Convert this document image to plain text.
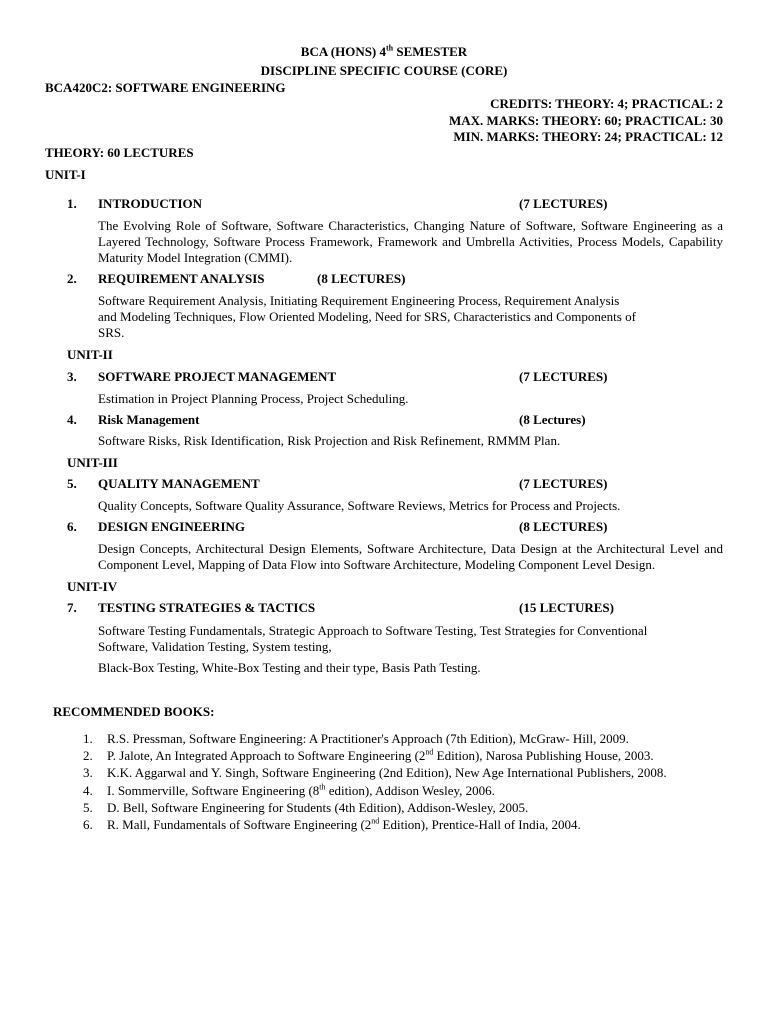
BCA (HONS) 4th SEMESTER
DISCIPLINE SPECIFIC COURSE (CORE)
BCA420C2: SOFTWARE ENGINEERING
CREDITS: THEORY: 4; PRACTICAL: 2
MAX. MARKS: THEORY: 60; PRACTICAL: 30
MIN. MARKS: THEORY: 24; PRACTICAL: 12
THEORY: 60 LECTURES
UNIT-I
1. INTRODUCTION	(7 LECTURES)
The Evolving Role of Software, Software Characteristics, Changing Nature of Software, Software Engineering as a Layered Technology, Software Process Framework, Framework and Umbrella Activities, Process Models, Capability Maturity Model Integration (CMMI).
2. REQUIREMENT ANALYSIS	(8 LECTURES)
Software Requirement Analysis, Initiating Requirement Engineering Process, Requirement Analysis
and Modeling Techniques, Flow Oriented Modeling, Need for SRS, Characteristics and Components of
SRS.
UNIT-II
3. SOFTWARE PROJECT MANAGEMENT	(7 LECTURES)
Estimation in Project Planning Process, Project Scheduling.
4. Risk Management	(8 Lectures)
Software Risks, Risk Identification, Risk Projection and Risk Refinement, RMMM Plan.
UNIT-III
5. QUALITY MANAGEMENT	(7 LECTURES)
Quality Concepts, Software Quality Assurance, Software Reviews, Metrics for Process and Projects.
6. DESIGN ENGINEERING	(8 LECTURES)
Design Concepts, Architectural Design Elements, Software Architecture, Data Design at the Architectural Level and Component Level, Mapping of Data Flow into Software Architecture, Modeling Component Level Design.
UNIT-IV
7. TESTING STRATEGIES & TACTICS	(15 LECTURES)
Software Testing Fundamentals, Strategic Approach to Software Testing, Test Strategies for Conventional
Software, Validation Testing, System testing,
Black-Box Testing, White-Box Testing and their type, Basis Path Testing.
RECOMMENDED BOOKS:
1. R.S. Pressman, Software Engineering: A Practitioner's Approach (7th Edition), McGraw- Hill, 2009.
2. P. Jalote, An Integrated Approach to Software Engineering (2nd Edition), Narosa Publishing House, 2003.
3. K.K. Aggarwal and Y. Singh, Software Engineering (2nd Edition), New Age International Publishers, 2008.
4. I. Sommerville, Software Engineering (8th edition), Addison Wesley, 2006.
5. D. Bell, Software Engineering for Students (4th Edition), Addison-Wesley, 2005.
6. R. Mall, Fundamentals of Software Engineering (2nd Edition), Prentice-Hall of India, 2004.
